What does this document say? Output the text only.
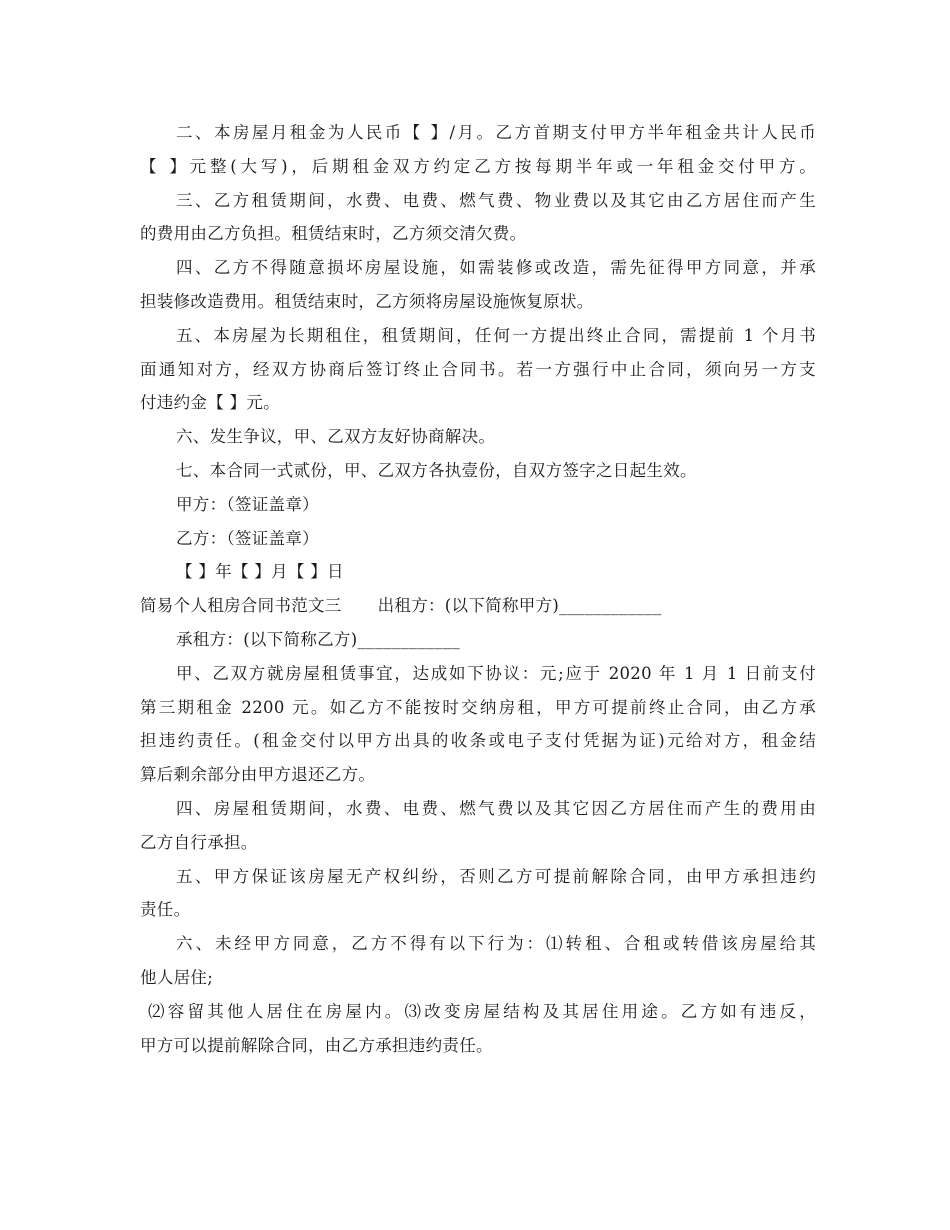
二、本房屋月租金为人民币【 】/月。乙方首期支付甲方半年租金共计人民币
【 】元整(大写)，后期租金双方约定乙方按每期半年或一年租金交付甲方。
三、乙方租赁期间，水费、电费、燃气费、物业费以及其它由乙方居住而产生
的费用由乙方负担。租赁结束时，乙方须交清欠费。
四、乙方不得随意损坏房屋设施，如需装修或改造，需先征得甲方同意，并承
担装修改造费用。租赁结束时，乙方须将房屋设施恢复原状。
五、本房屋为长期租住，租赁期间，任何一方提出终止合同，需提前 1 个月书
面通知对方，经双方协商后签订终止合同书。若一方强行中止合同，须向另一方支
付违约金【 】元。
六、发生争议，甲、乙双方友好协商解决。
七、本合同一式贰份，甲、乙双方各执壹份，自双方签字之日起生效。
甲方：（签证盖章）
乙方：（签证盖章）
【 】年【 】月【 】日
简易个人租房合同书范文三 出租方：(以下简称甲方)____________
承租方：(以下简称乙方)____________
甲、乙双方就房屋租赁事宜，达成如下协议：元;应于 2020 年 1 月 1 日前支付
第三期租金 2200 元。如乙方不能按时交纳房租，甲方可提前终止合同，由乙方承
担违约责任。(租金交付以甲方出具的收条或电子支付凭据为证)元给对方，租金结
算后剩余部分由甲方退还乙方。
四、房屋租赁期间，水费、电费、燃气费以及其它因乙方居住而产生的费用由
乙方自行承担。
五、甲方保证该房屋无产权纠纷，否则乙方可提前解除合同，由甲方承担违约
责任。
六、未经甲方同意，乙方不得有以下行为：⑴转租、合租或转借该房屋给其
他人居住;
⑵容留其他人居住在房屋内。⑶改变房屋结构及其居住用途。乙方如有违反，
甲方可以提前解除合同，由乙方承担违约责任。
